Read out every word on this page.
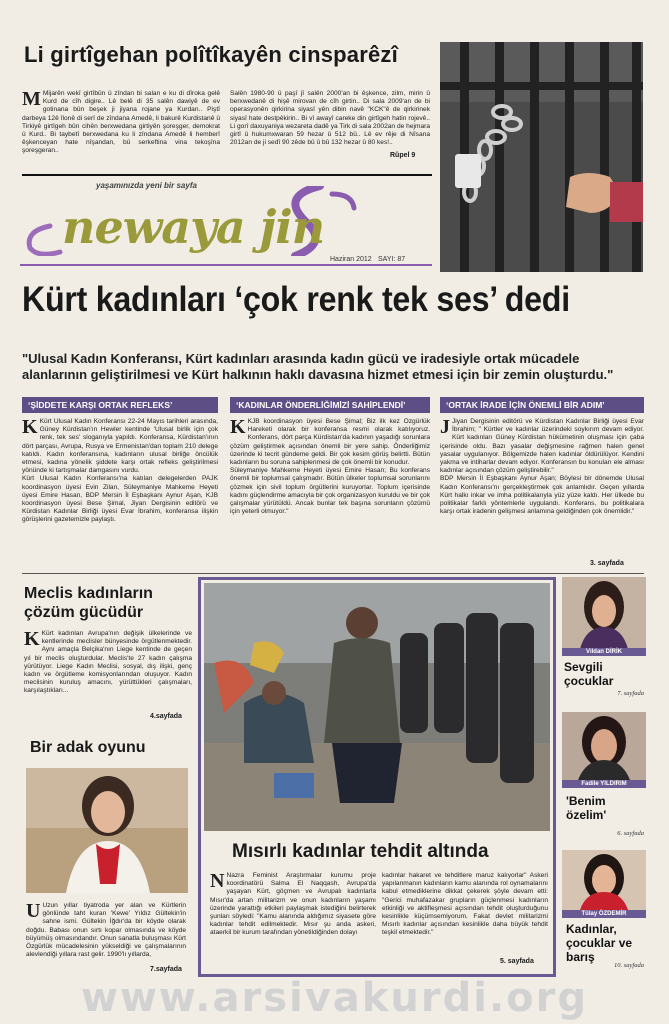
Li girtîgehan polîtîkayên cinsparêzî
M Mijarên wekî girtîbûn û zîndan bi salan e ku di dîroka gelê Kurd de cîh digire.. Lê belê di 35 salên dawiyê de ev gotinana bûn beşek ji jiyana rojane ya Kurdan.. Piştî darbeya 12ê îlonê di serî de zîndana Amedê, li bakurê Kurdistanê û Tirkiyê girtîgeh bûn cihên berxwedana girtiyên şoreşger, demokrat û Kurd.. Bi taybetî berxwedana ku li zîndana Amedê li hemberî êşkenceyan hate nîşandan, bû serkeftina vina tekoşîna şoreşgeran..
Salên 1980-90 û paşî jî salên 2000'an bi êşkence, zilm, mirin û berxwedanê di hişê mirovan de cîh girtin.. Di sala 2009'an de bi operasyonên qirkirina siyasî yên dibin navê "KCK"ê de qirkirinek siyasî hate destpêkirin.. Bi vî awayî careke din girtîgeh hatin rojevê.. Li gorî daxuyaniya wezareta dadê ya Tirk di sala 2002an de hejmara girtî û hukumxwaran 59 hezar û 512 bû.. Lê ev rêje di Nîsana 2012an de ji sedî 90 zêde bû û bû 132 hezar û 80 kes!..
Rûpel 9
yaşamınızda yeni bir sayfa
newaya jin
Haziran 2012 SAYI: 87
Kürt kadınları ‘çok renk tek ses’ dedi
"Ulusal Kadın Konferansı, Kürt kadınları arasında kadın gücü ve iradesiyle ortak mücadele alanlarının geliştirilmesi ve Kürt halkının haklı davasına hizmet etmesi için bir zemin oluşturdu."
‘ŞİDDETE KARŞI ORTAK REFLEKS’	‘KADINLAR ÖNDERLİĞİMİZİ SAHİPLENDİ’	‘ORTAK İRADE İÇİN ÖNEMLİ BİR ADIM’
K Kürt Ulusal Kadın Konferansı 22-24 Mayıs tarihleri arasında, Güney Kürdistan'ın Hewler kentinde 'Ulusal birlik için çok renk, tek ses' sloganıyla yapıldı. Konferansa, Kürdistan'ının dört parçası, Avrupa, Rusya ve Ermenistan'dan toplam 210 delege katıldı. Kadın konferansına, kadınların ulusal birliğe öncülük etmesi, kadına yönelik şiddete karşı ortak refleks geliştirilmesi yönünde ki tartışmalar damgasını vurdu.
Kürt Ulusal Kadın Konferansı'na katılan delegelerden PAJK koordinasyon üyesi Evin Zilan, Süleymaniye Mahkeme Heyeti üyesi Emire Hasan, BDP Mersin İl Eşbaşkanı Aynur Aşan, KJB koordinasyon üyesi Bese Şimal, Jiyan Dergisinin editörü ve Kürdistan Kadınlar Birliği üyesi Evar İbrahim, konferansa ilişkin görüşlerini gazetemizle paylaştı.
KKJB koordinasyon üyesi Bese Şimal; Biz ilk kez Özgürlük Hareketi olarak bir konferansa resmi olarak katılıyoruz. Konferans, dört parça Kürdistan'da kadının yaşadığı sorunlara çözüm geliştirmek açısından önemli bir yere sahip. Önderliğimiz üzerinde ki tecrit gündeme geldi. Bir çok kesim görüş belirtti. Bütün kadınların bu soruna sahiplenmesi de çok önemli bir konudur.
Süleymaniye Mahkeme Heyeti üyesi Emire Hasan; Bu konferans önemli bir toplumsal çalışmadır. Bütün ülkeler toplumsal sorunlarını çözmek için sivil toplum örgütlerini kuruyorlar. Toplum içerisinde kadını güçlendirme amacıyla bir çok organizasyon kuruldu ve bir çok çalışmalar yürütüldü. Ancak bunlar tek başına sorunların çözümü için yeterli olmuyor."
J Jiyan Dergisinin editörü ve Kürdistan Kadınlar Birliği üyesi Evar İbrahim; " Kürtler ve kadınlar üzerindeki soykırım devam ediyor. Kürt kadınları Güney Kürdistan hükümetinin oluşması için çaba içerisinde oldu. Bazı yasalar değişmesine rağmen halen genel yasalar uygulanıyor. Bölgemizde halen kadınlar öldürülüyor. Kendini yakma ve intiharlar devam ediyor. Konferansın bu konuları ele alması kadınlar açısından çözüm geliştirebilir."
BDP Mersin İl Eşbaşkanı Aynur Aşan; Böylesi bir dönemde Ulusal Kadın Konferansı'nı gerçekleştirmek çok anlamlıdır. Geçen yıllarda Kürt halkı inkar ve imha politikalarıyla yüz yüze kaldı. Her ülkede bu politikalar farklı yöntemlerle uygulandı. Konferans, bu politikalara karşı ortak iradenin gelişmesi anlamına geldiğinden çok önemlidir."
3. sayfada
Meclis kadınların çözüm gücüdür
K Kürt kadınları Avrupa'nın değişik ülkelerinde ve kentlerinde meclisler bünyesinde örgütlenmektedir. Aynı amaçla Belçika'nın Liege kentinde de geçen yıl bir meclis oluşturdular. Meclis'te 27 kadın çalışma yürütüyor. Liege Kadın Meclisi, sosyal, dış ilişki, genç kadın ve örgütleme komisyonlarından oluşuyor. Kadın meclisinin kuruluş amacını, yürüttükleri çalışmaları, karşılaştıkları...
4.sayfada
Bir adak oyunu
U Uzun yıllar tiyatroda yer alan ve Kürtlerin gönlünde taht kuran 'Kewe' Yıldız Gültekin'in sahne ismi. Gültekin İğdır'da bir köyde olarak doğdu. Babası onun sırtı kopar olmasında ve köyde büyümüş olmasındandır. Onun sanatla buluşması Kürt Özgürlük mücadelesinin yükseldiği ve çalışmalarının alevlendiği yıllara rast gelir. 1990'lı yıllarda,
7.sayfada
Mısırlı kadınlar tehdit altında
N Nazra Feminist Araştırmalar kurumu proje koordinatörü Salma El Naqqash, Avrupa'da yaşayan Kürt, göçmen ve Avrupalı kadınlarla Mısır'da artan militarizm ve onun kadınların yaşamı üzerinde yarattığı etkileri paylaşmak istediğini belirterek şunları söyledi: "Kamu alanında aldığımız siyasete göre kadınlar tehdit edilmektedir. Mısır şu anda askeri, ataerkil bir kurum tarafından yönetildiğinden dolayı
kadınlar hakaret ve tehditlere maruz kalıyorlar" Askeri yapılanmanın kadınların kamu alanında rol oynamalarını kabul etmediklerine dikkat çekerek şöyle devam etti: "Gerici muhafazakar grupların güçlenmesi kadınların etkinliği ve aktifleşmesi açısından tehdit oluşturduğunu kesinlikle küçümsemiyorum. Fakat devlet militarizmi Mısırlı kadınlar açısından kesinlikle daha büyük tehdit teşkil etmektedir."
5. sayfada
Vildan DİRİK
Sevgili çocuklar
7. sayfada
Fadile YILDIRIM
'Benim özelim'
6. sayfada
Tülay ÖZDEMİR
Kadınlar, çocuklar ve barış
10. sayfada
www.arsivakurdi.org
